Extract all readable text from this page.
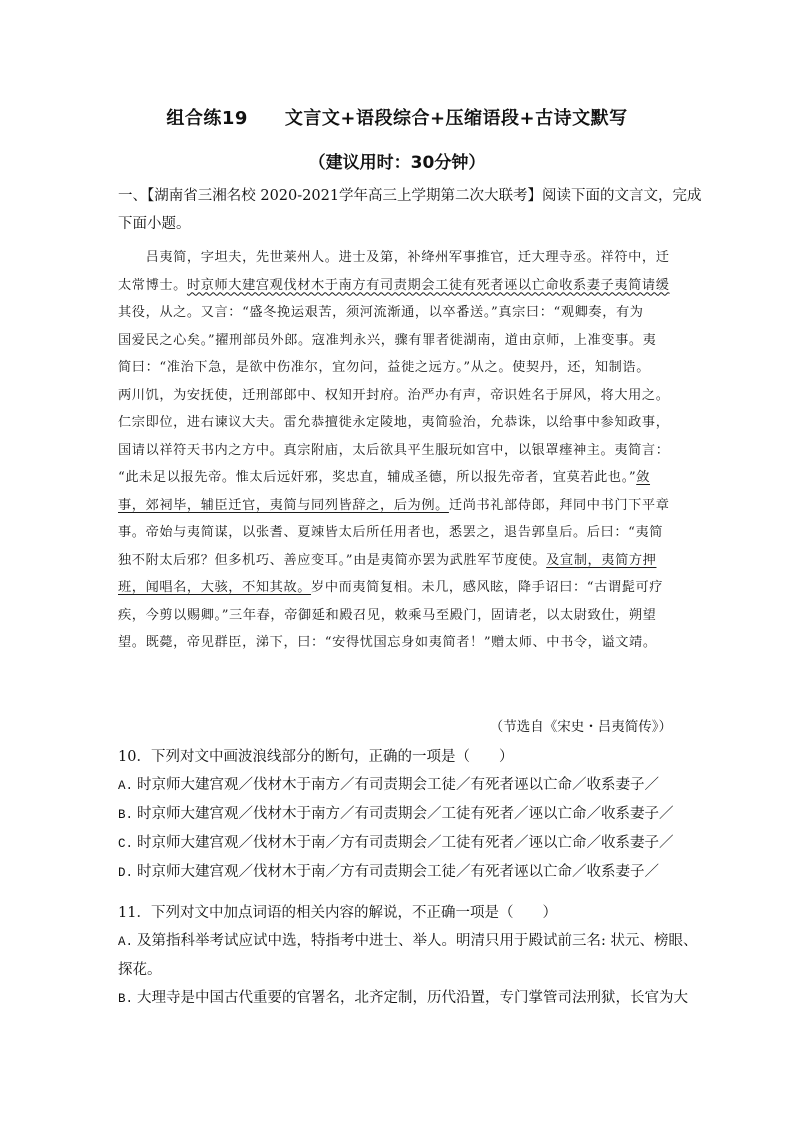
组合练19　　文言文+语段综合+压缩语段+古诗文默写
（建议用时：30分钟）
一、【湖南省三湘名校 2020-2021学年高三上学期第二次大联考】阅读下面的文言文，完成
下面小题。
　　吕夷简，字坦夫，先世莱州人。进士及第，补绛州军事推官，迁大理寺丞。祥符中，迁
太常博士。时京师大建宫观伐材木于南方有司责期会工徒有死者诬以亡命收系妻子夷简请缓
其役，从之。又言：“盛冬挽运艰苦，须河流渐通，以卒番送。”真宗曰：“观卿奏，有为
国爱民之心矣。”擢刑部员外郎。寇准判永兴，骤有罪者徙湖南，道由京师，上准变事。夷
简曰：“准治下急，是欲中伤准尔，宜勿问，益徙之远方。”从之。使契丹，还，知制诰。
两川饥，为安抚使，迁刑部郎中、权知开封府。治严办有声，帝识姓名于屏风，将大用之。
仁宗即位，进右谏议大夫。雷允恭擅徙永定陵地，夷简验治，允恭诛，以给事中参知政事，
国请以祥符天书内之方中。真宗附庙，太后欲具平生服玩如宫中，以银罩瘗神主。夷简言：
“此未足以报先帝。惟太后远奸邪，奖忠直，辅成圣德，所以报先帝者，宜莫若此也。”敛
事，郊祠毕，辅臣迁官，夷简与同列皆辞之，后为例。迁尚书礼部侍郎，拜同中书门下平章
事。帝始与夷简谋，以张耆、夏竦皆太后所任用者也，悉罢之，退告郭皇后。后曰：“夷简
独不附太后邪？但多机巧、善应变耳。”由是夷简亦罢为武胜军节度使。及宣制，夷简方押
班，闻唱名，大骇，不知其故。岁中而夷简复相。未几，感风眩，降手诏曰：“古谓髭可疗
疾，今剪以赐卿。”三年春，帝御延和殿召见，敕乘马至殿门，固请老，以太尉致仕，朔望
望。既薨，帝见群臣，涕下，曰：“安得忧国忘身如夷简者！”赠太师、中书令，谥文靖。
（节选自《宋史・吕夷简传》）
10．下列对文中画波浪线部分的断句，正确的一项是（　　）
A. 时京师大建宫观／伐材木于南方／有司责期会工徒／有死者诬以亡命／收系妻子／
B. 时京师大建宫观／伐材木于南方／有司责期会／工徒有死者／诬以亡命／收系妻子／
C. 时京师大建宫观／伐材木于南／方有司责期会／工徒有死者／诬以亡命／收系妻子／
D. 时京师大建宫观／伐材木于南／方有司责期会工徒／有死者诬以亡命／收系妻子／
11．下列对文中加点词语的相关内容的解说，不正确一项是（　　）
A. 及第指科举考试应试中选，特指考中进士、举人。明清只用于殿试前三名: 状元、榜眼、
探花。
B. 大理寺是中国古代重要的官署名，北齐定制，历代沿置，专门掌管司法刑狱，长官为大
